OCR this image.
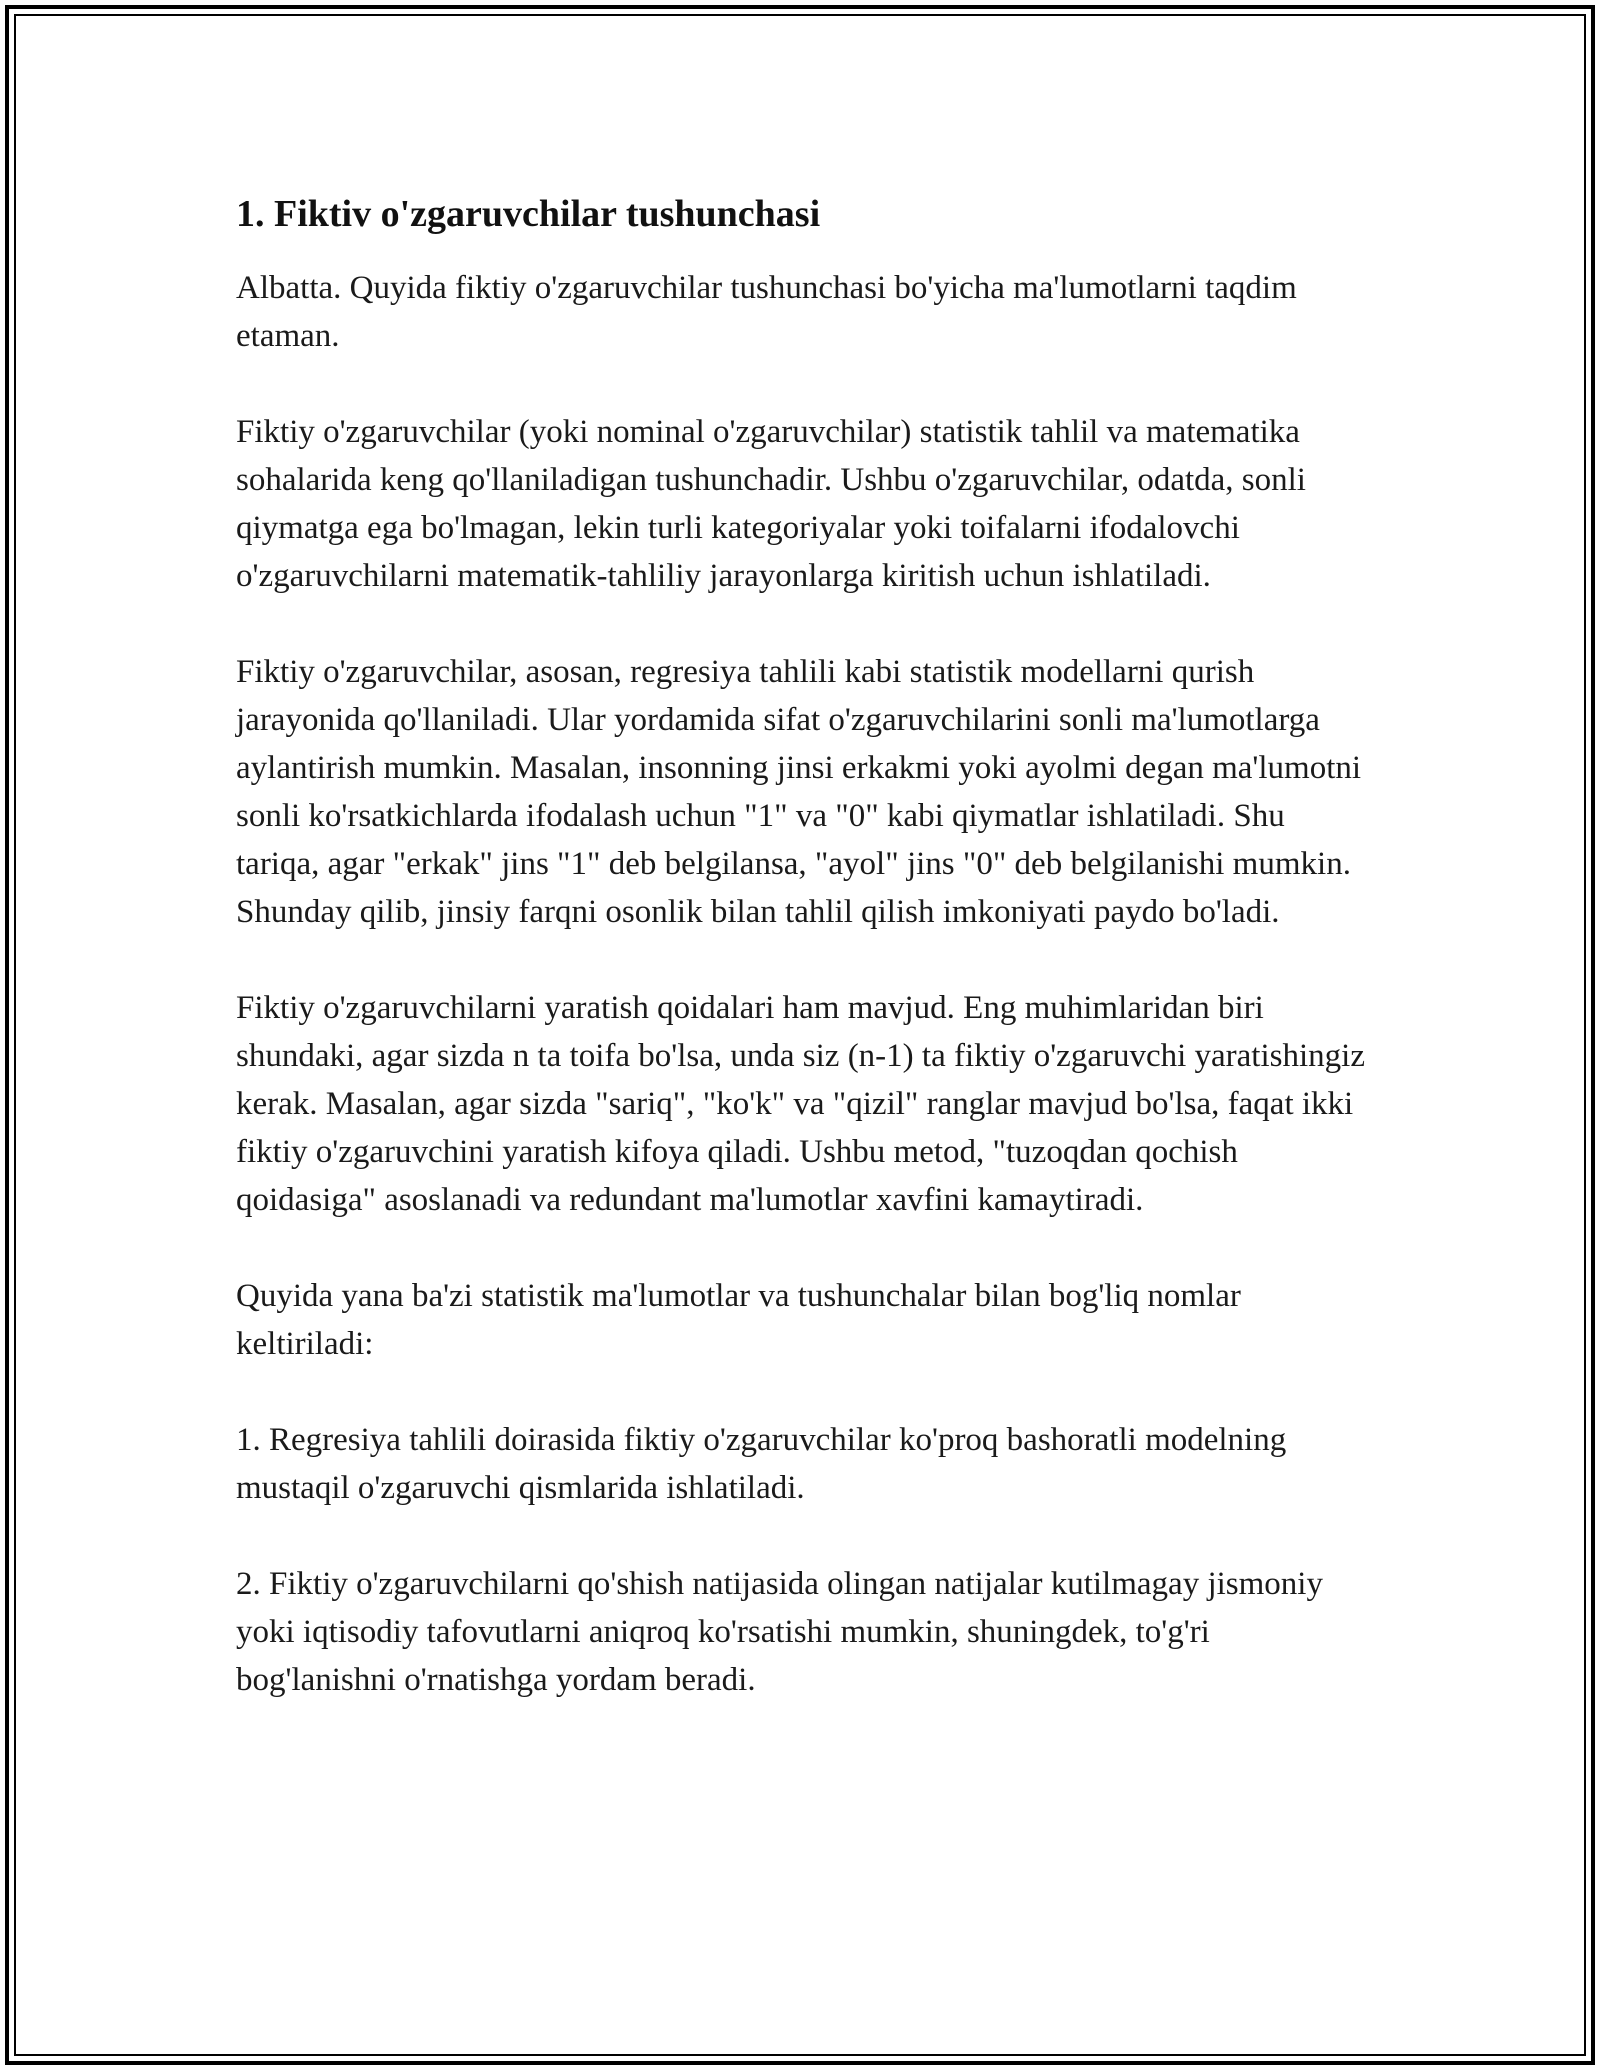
1. Fiktiv o'zgaruvchilar tushunchasi

Albatta. Quyida fiktiy o'zgaruvchilar tushunchasi bo'yicha ma'lumotlarni taqdim etaman.

Fiktiy o'zgaruvchilar (yoki nominal o'zgaruvchilar) statistik tahlil va matematika sohalarida keng qo'llaniladigan tushunchadir. Ushbu o'zgaruvchilar, odatda, sonli qiymatga ega bo'lmagan, lekin turli kategoriyalar yoki toifalarni ifodalovchi o'zgaruvchilarni matematik-tahliliy jarayonlarga kiritish uchun ishlatiladi.

Fiktiy o'zgaruvchilar, asosan, regresiya tahlili kabi statistik modellarni qurish jarayonida qo'llaniladi. Ular yordamida sifat o'zgaruvchilarini sonli ma'lumotlarga aylantirish mumkin. Masalan, insonning jinsi erkakmi yoki ayolmi degan ma'lumotni sonli ko'rsatkichlarda ifodalash uchun "1" va "0" kabi qiymatlar ishlatiladi. Shu tariqa, agar "erkak" jins "1" deb belgilansa, "ayol" jins "0" deb belgilanishi mumkin. Shunday qilib, jinsiy farqni osonlik bilan tahlil qilish imkoniyati paydo bo'ladi.

Fiktiy o'zgaruvchilarni yaratish qoidalari ham mavjud. Eng muhimlaridan biri shundaki, agar sizda n ta toifa bo'lsa, unda siz (n-1) ta fiktiy o'zgaruvchi yaratishingiz kerak. Masalan, agar sizda "sariq", "ko'k" va "qizil" ranglar mavjud bo'lsa, faqat ikki fiktiy o'zgaruvchini yaratish kifoya qiladi. Ushbu metod, "tuzoqdan qochish qoidasiga" asoslanadi va redundant ma'lumotlar xavfini kamaytiradi.

Quyida yana ba'zi statistik ma'lumotlar va tushunchalar bilan bog'liq nomlar keltiriladi:

1. Regresiya tahlili doirasida fiktiy o'zgaruvchilar ko'proq bashoratli modelning mustaqil o'zgaruvchi qismlarida ishlatiladi.

2. Fiktiy o'zgaruvchilarni qo'shish natijasida olingan natijalar kutilmagay jismoniy yoki iqtisodiy tafovutlarni aniqroq ko'rsatishi mumkin, shuningdek, to'g'ri bog'lanishni o'rnatishga yordam beradi.
